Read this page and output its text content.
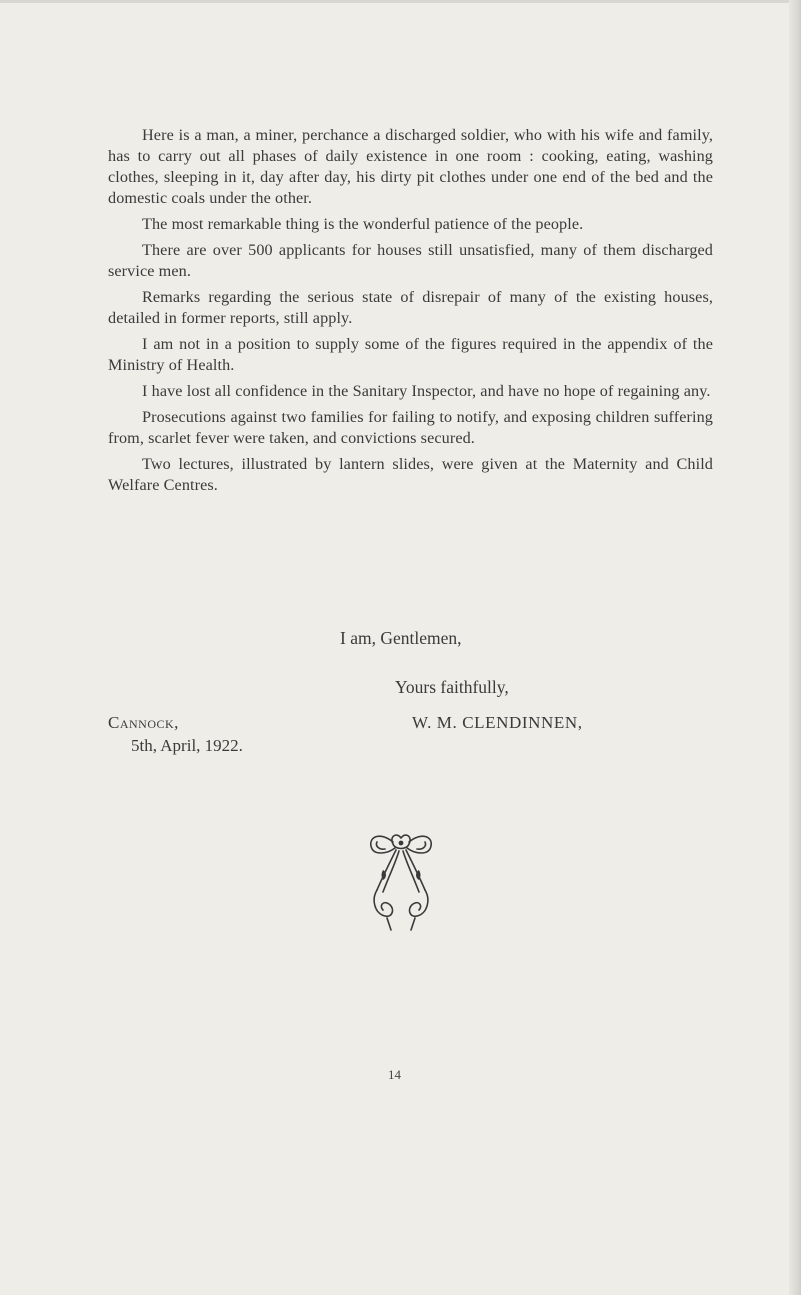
Here is a man, a miner, perchance a discharged soldier, who with his wife and family, has to carry out all phases of daily existence in one room : cooking, eating, washing clothes, sleeping in it, day after day, his dirty pit clothes under one end of the bed and the domestic coals under the other.

The most remarkable thing is the wonderful patience of the people.

There are over 500 applicants for houses still unsatisfied, many of them discharged service men.

Remarks regarding the serious state of disrepair of many of the existing houses, detailed in former reports, still apply.

I am not in a position to supply some of the figures required in the appendix of the Ministry of Health.

I have lost all confidence in the Sanitary Inspector, and have no hope of regaining any.

Prosecutions against two families for failing to notify, and exposing children suffering from, scarlet fever were taken, and convictions secured.

Two lectures, illustrated by lantern slides, were given at the Maternity and Child Welfare Centres.

I am, Gentlemen,
Yours faithfully,
Cannock,
5th, April, 1922.
W. M. CLENDINNEN,
14
